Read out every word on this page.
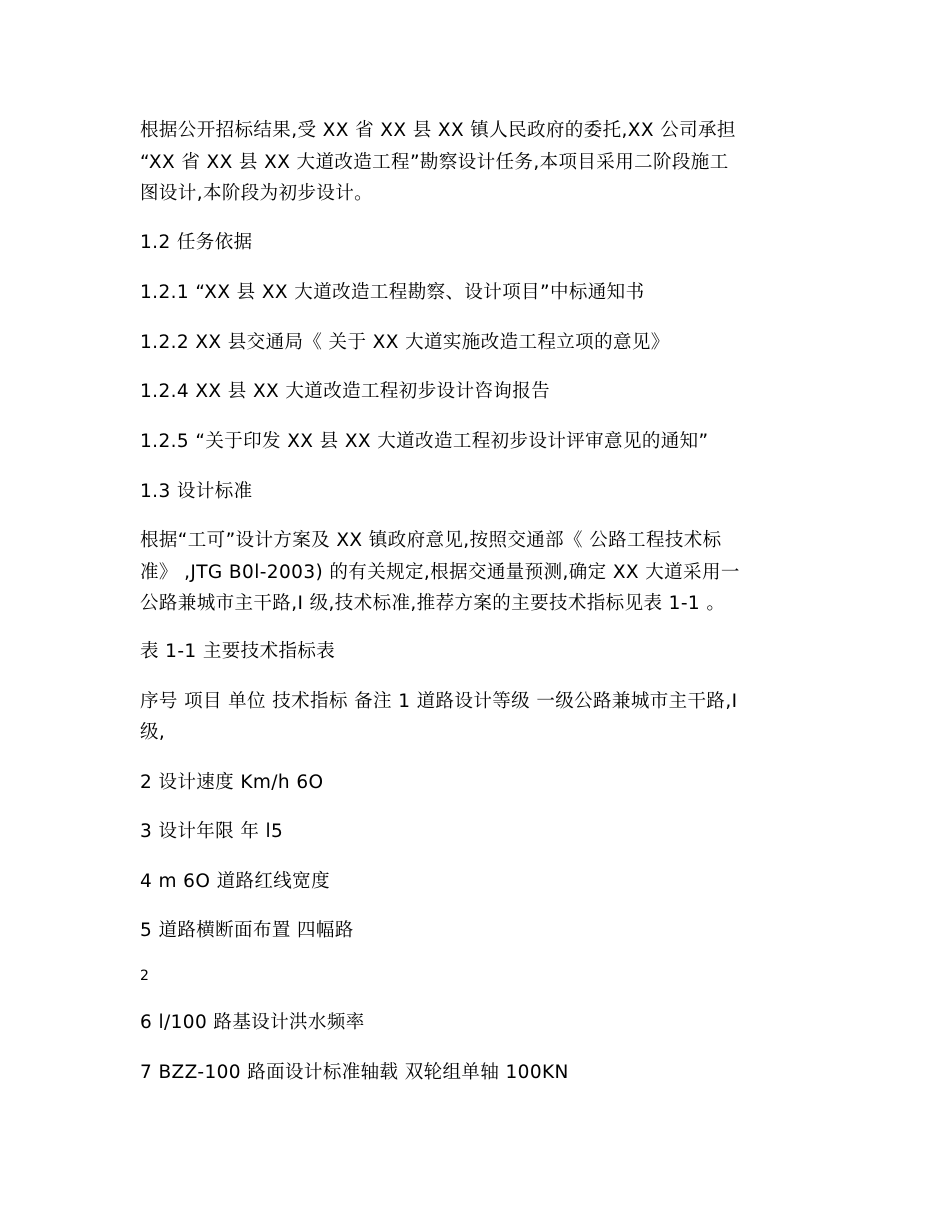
根据公开招标结果,受 XX 省 XX 县 XX 镇人民政府的委托,XX 公司承担
“XX 省 XX 县 XX 大道改造工程”勘察设计任务,本项目采用二阶段施工
图设计,本阶段为初步设计。
1.2 任务依据
1.2.1 “XX 县 XX 大道改造工程勘察、设计项目”中标通知书
1.2.2 XX 县交通局《 关于 XX 大道实施改造工程立项的意见》
1.2.4 XX 县 XX 大道改造工程初步设计咨询报告
1.2.5 “关于印发 XX 县 XX 大道改造工程初步设计评审意见的通知”
1.3 设计标准
根据“工可”设计方案及 XX 镇政府意见,按照交通部《 公路工程技术标
准》 ,JTG B0l-2003) 的有关规定,根据交通量预测,确定 XX 大道采用一
公路兼城市主干路,I 级,技术标准,推荐方案的主要技术指标见表 1-1 。
表 1-1 主要技术指标表
序号 项目 单位 技术指标 备注 1 道路设计等级 一级公路兼城市主干路,I
级,
2 设计速度 Km/h 6O
3 设计年限 年 l5
4 m 6O 道路红线宽度
5 道路横断面布置 四幅路
2
6 l/100 路基设计洪水频率
7 BZZ-100 路面设计标准轴载 双轮组单轴 100KN
